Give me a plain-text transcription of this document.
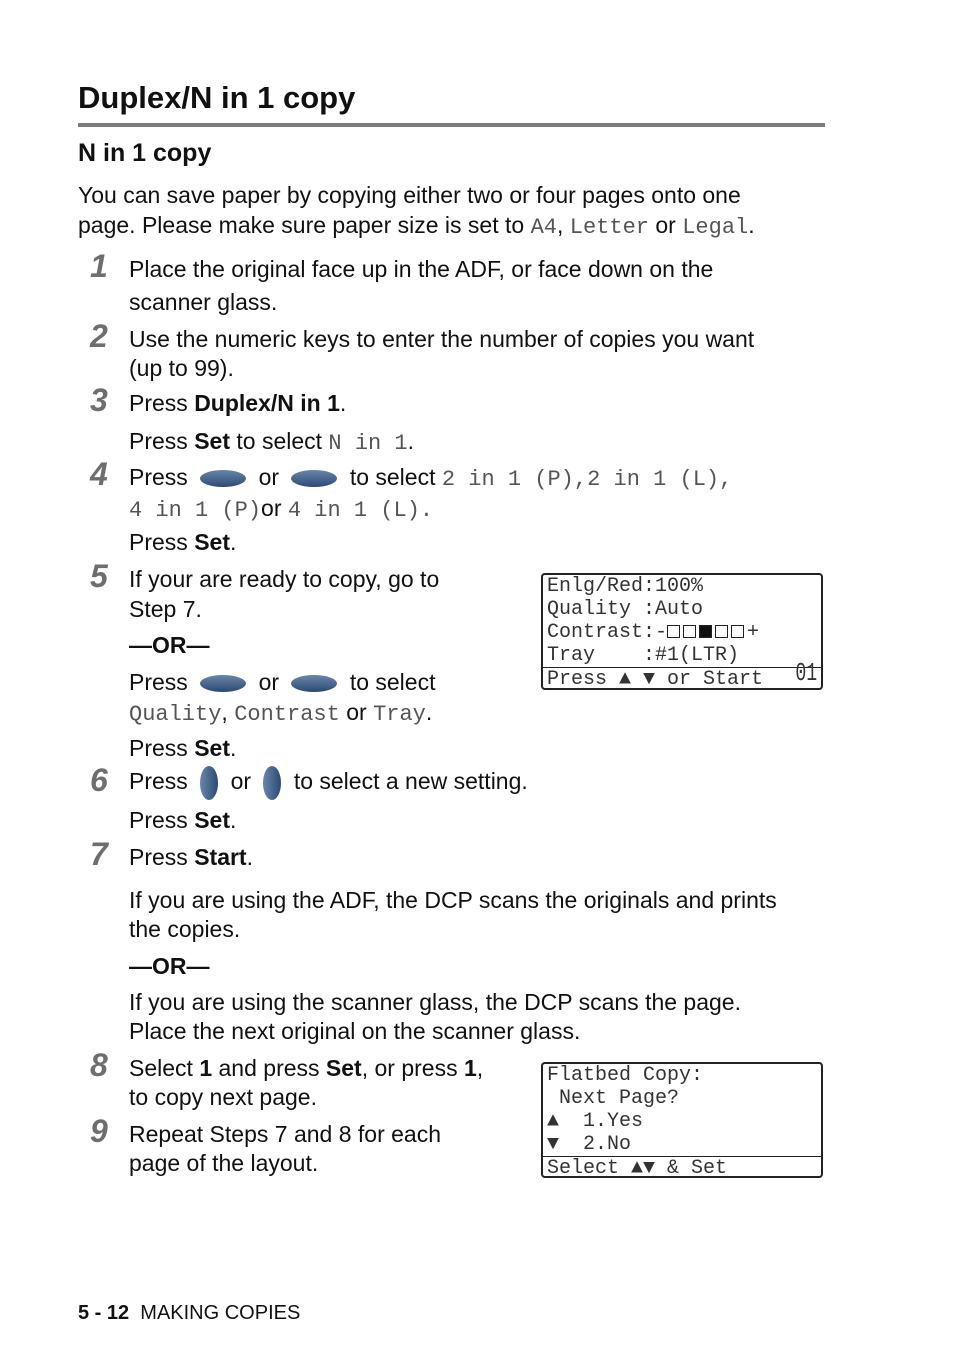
Duplex/N in 1 copy
N in 1 copy
You can save paper by copying either two or four pages onto one
page. Please make sure paper size is set to A4, Letter or Legal.
1 Place the original face up in the ADF, or face down on the
scanner glass.
2 Use the numeric keys to enter the number of copies you want
(up to 99).
3 Press Duplex/N in 1.
Press Set to select N in 1.
4 Press	or	to select 2 in 1 (P),2 in 1 (L),
4 in 1 (P)or 4 in 1 (L).
Press Set.
5 If your are ready to copy, go to
Step 7.
—OR—
Press	or	to select
Quality, Contrast or Tray.
Press Set.
Enlg/Red:100%
Quality :Auto
Contrast:-	+
Tray    :#1(LTR)
Press ▲ ▼ or Start 01
6 Press or to select a new setting.
Press Set.
7 Press Start.
If you are using the ADF, the DCP scans the originals and prints
the copies.
—OR—
If you are using the scanner glass, the DCP scans the page.
Place the next original on the scanner glass.
8 Select 1 and press Set, or press 1,
to copy next page.
9 Repeat Steps 7 and 8 for each
page of the layout.
Flatbed Copy:
Next Page?
▲  1.Yes
▼  2.No
Select ▲▼ & Set
5 - 12 MAKING COPIES
